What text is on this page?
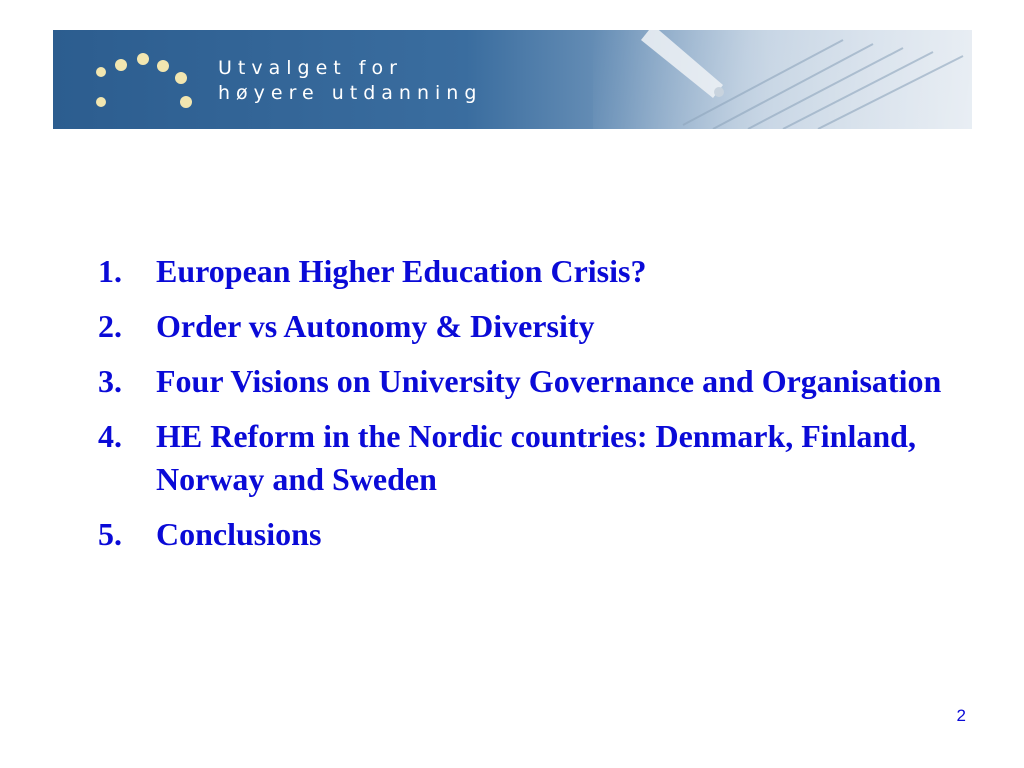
Utvalget for
høyere utdanning
1.	European Higher Education Crisis?
2.	Order vs Autonomy & Diversity
3.	Four Visions on University Governance and Organisation
4.	HE Reform in the Nordic countries: Denmark, Finland, Norway and Sweden
5.	Conclusions
2
